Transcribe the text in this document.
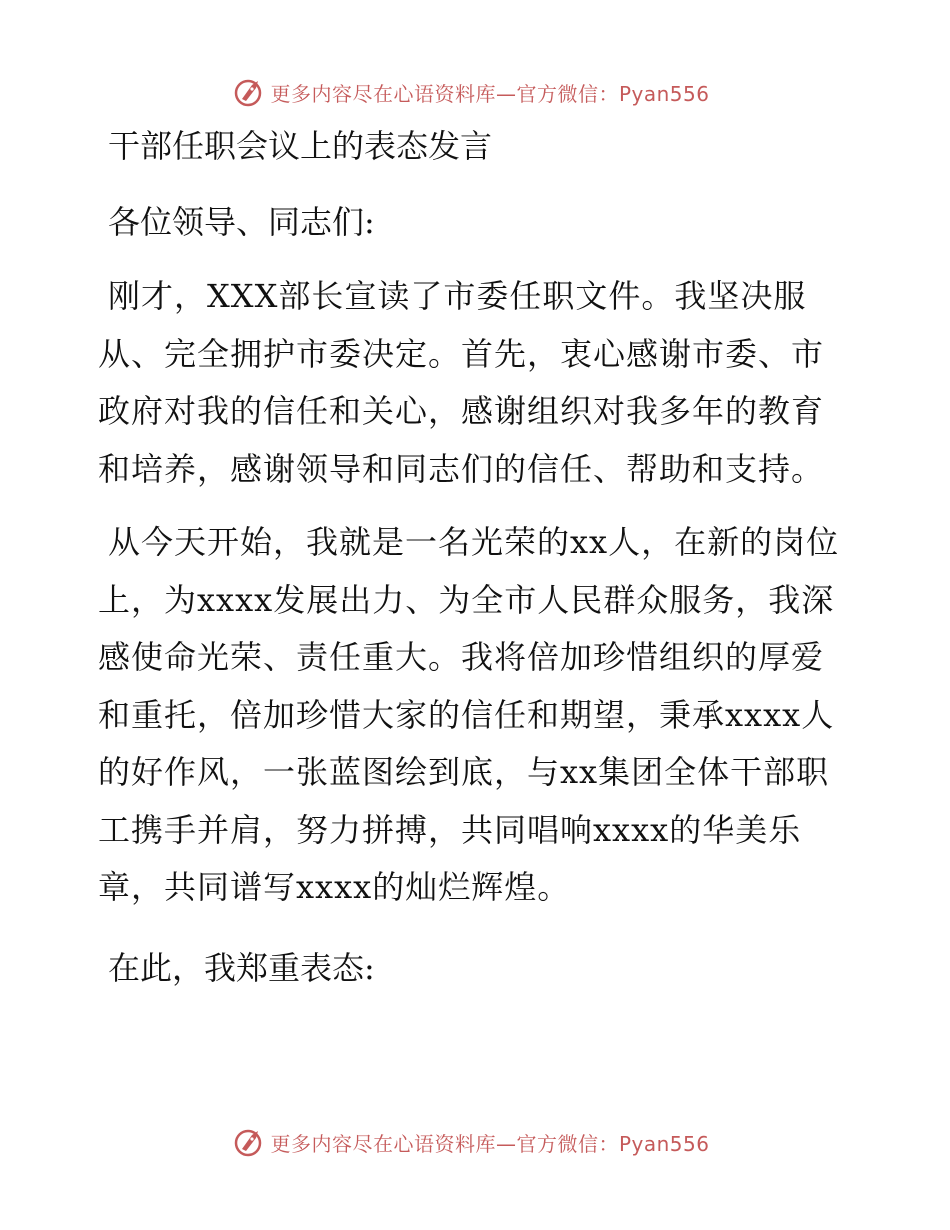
更多内容尽在心语资料库—官方微信：Pyan556
干部任职会议上的表态发言
各位领导、同志们:
刚才，XXX部长宣读了市委任职文件。我坚决服从、完全拥护市委决定。首先，衷心感谢市委、市政府对我的信任和关心，感谢组织对我多年的教育和培养，感谢领导和同志们的信任、帮助和支持。
从今天开始，我就是一名光荣的xx人，在新的岗位上，为xxxx发展出力、为全市人民群众服务，我深感使命光荣、责任重大。我将倍加珍惜组织的厚爱和重托，倍加珍惜大家的信任和期望，秉承xxxx人的好作风，一张蓝图绘到底，与xx集团全体干部职工携手并肩，努力拼搏，共同唱响xxxx的华美乐章，共同谱写xxxx的灿烂辉煌。
在此，我郑重表态:
更多内容尽在心语资料库—官方微信：Pyan556
